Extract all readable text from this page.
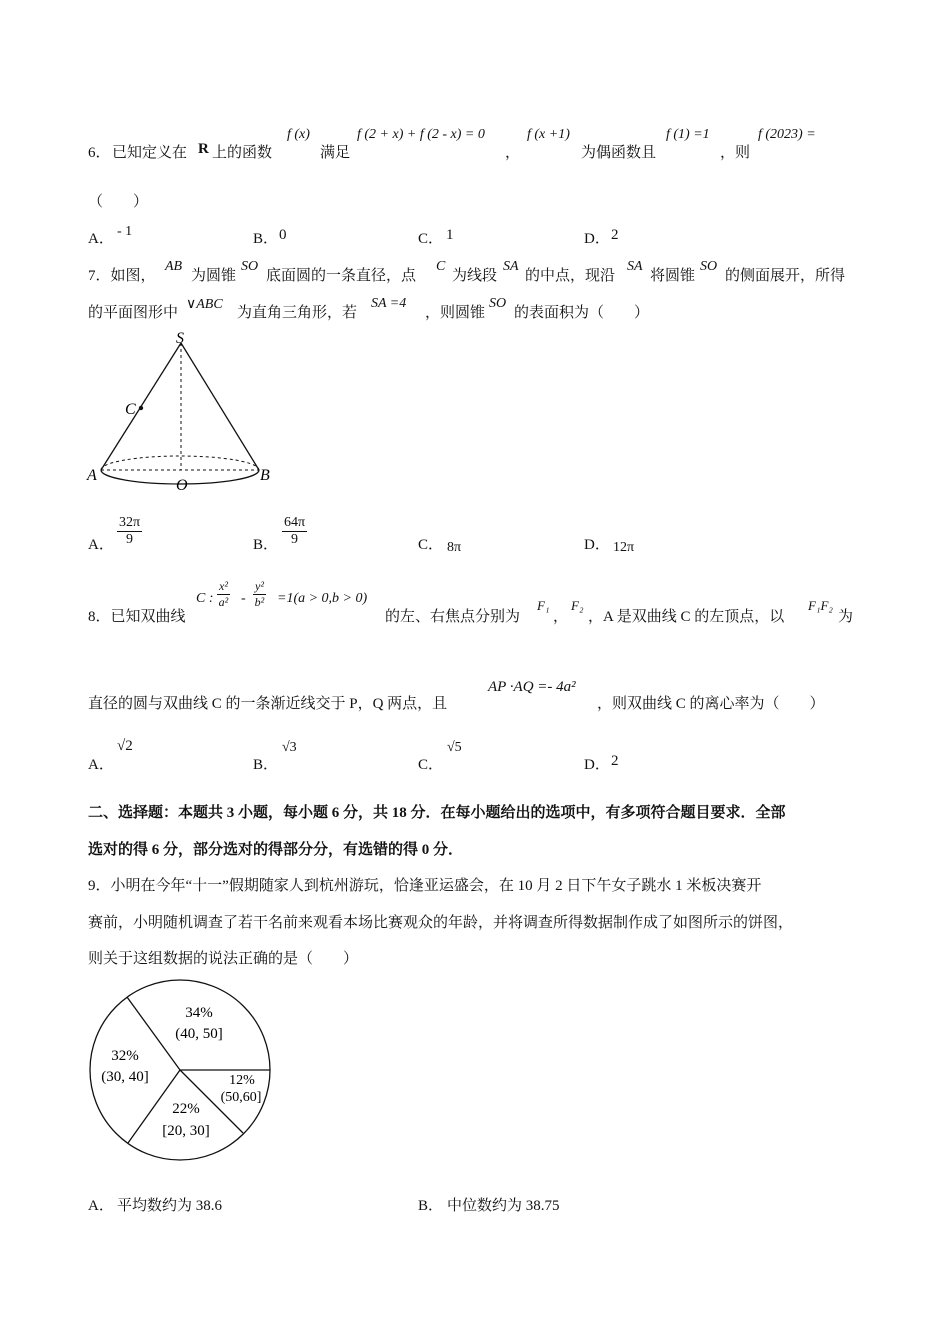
6． 已知定义在 R 上的函数
f (x)
满足
f (2 + x) + f (2 - x) = 0
，
f (x +1)
为偶函数且
f (1) =1
，则
f (2023) =
（　　）
A． - 1	B． 0	C． 1	D． 2
7．如图，
AB
为圆锥
SO
底面圆的一条直径，点
C
为线段
SA
的中点，现沿
SA
将圆锥
SO
的侧面展开，所得
的平面图形中
∨ABC
为直角三角形，若
SA =4
，则圆锥
SO
的表面积为（　　）
S
C
A
O
B
A． $\frac{32\pi}{9}$	B． $\frac{64\pi}{9}$	C． 8π	D． 12π
8．已知双曲线
C : $\frac{\text{x²}}{\text{a²}} - \frac{\text{y²}}{\text{b²}} =1(a > 0,b > 0)$
的左、右焦点分别为
F₁
，
F₂
，A 是双曲线 C 的左顶点，以
F₁F₂
为
直径的圆与双曲线 C 的一条渐近线交于 P，Q 两点，且
AP ·AQ =- 4a²
，则双曲线 C 的离心率为（　　）
A．
√2
B．
√3
C．
√5
D． 2
二、选择题：本题共 3 小题，每小题 6 分，共 18 分．在每小题给出的选项中，有多项符合题目要求．全部
选对的得 6 分，部分选对的得部分分，有选错的得 0 分．
9．小明在今年“十一”假期随家人到杭州游玩，恰逢亚运盛会，在 10 月 2 日下午女子跳水 1 米板决赛开
赛前，小明随机调查了若干名前来观看本场比赛观众的年龄，并将调查所得数据制作成了如图所示的饼图，
则关于这组数据的说法正确的是（　　）
34%
(40, 50]
32%
(30, 40]	12%
(50,60]
22%
[20, 30]
A． 平均数约为 38.6	B． 中位数约为 38.75
